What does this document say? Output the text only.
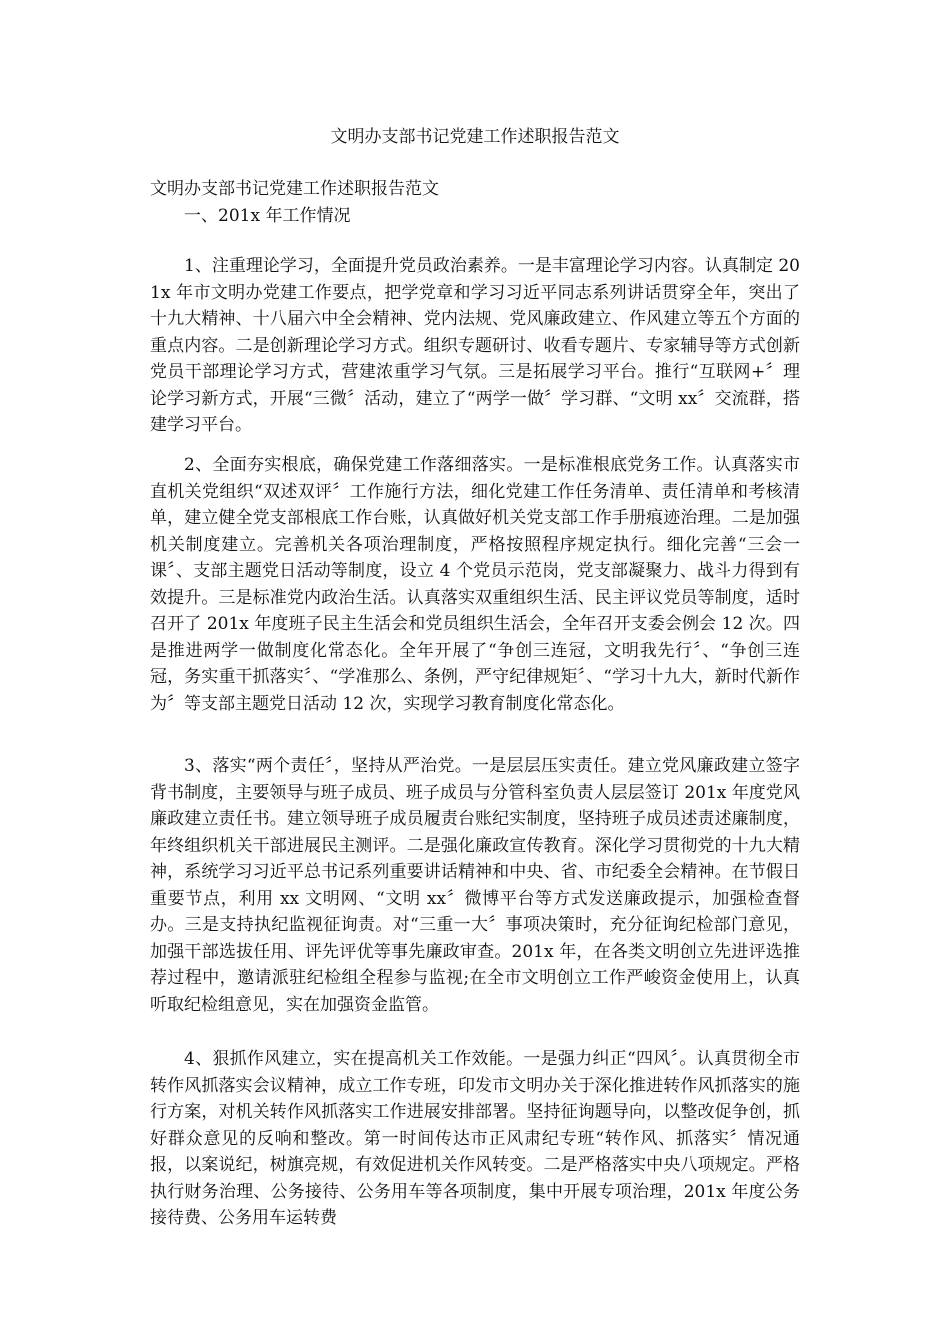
文明办支部书记党建工作述职报告范文

文明办支部书记党建工作述职报告范文

一、201x 年工作情况

1、注重理论学习，全面提升党员政治素养。一是丰富理论学习内容。认真制定 201x 年市文明办党建工作要点，把学党章和学习习近平同志系列讲话贯穿全年，突出了十九大精神、十八届六中全会精神、党内法规、党风廉政建立、作风建立等五个方面的重点内容。二是创新理论学习方式。组织专题研讨、收看专题片、专家辅导等方式创新党员干部理论学习方式，营建浓重学习气氛。三是拓展学习平台。推行“互联网+〞理论学习新方式，开展“三微〞活动，建立了“两学一做〞学习群、“文明 xx〞交流群，搭建学习平台。

2、全面夯实根底，确保党建工作落细落实。一是标准根底党务工作。认真落实市直机关党组织“双述双评〞工作施行方法，细化党建工作任务清单、责任清单和考核清单，建立健全党支部根底工作台账，认真做好机关党支部工作手册痕迹治理。二是加强机关制度建立。完善机关各项治理制度，严格按照程序规定执行。细化完善“三会一课〞、支部主题党日活动等制度，设立 4 个党员示范岗，党支部凝聚力、战斗力得到有效提升。三是标准党内政治生活。认真落实双重组织生活、民主评议党员等制度，适时召开了 201x 年度班子民主生活会和党员组织生活会，全年召开支委会例会 12 次。四是推进两学一做制度化常态化。全年开展了“争创三连冠，文明我先行〞、“争创三连冠，务实重干抓落实〞、“学准那么、条例，严守纪律规矩〞、“学习十九大，新时代新作为〞等支部主题党日活动 12 次，实现学习教育制度化常态化。

3、落实“两个责任〞，坚持从严治党。一是层层压实责任。建立党风廉政建立签字背书制度，主要领导与班子成员、班子成员与分管科室负责人层层签订 201x 年度党风廉政建立责任书。建立领导班子成员履责台账纪实制度，坚持班子成员述责述廉制度，年终组织机关干部进展民主测评。二是强化廉政宣传教育。深化学习贯彻党的十九大精神，系统学习习近平总书记系列重要讲话精神和中央、省、市纪委全会精神。在节假日重要节点，利用 xx 文明网、“文明 xx〞微博平台等方式发送廉政提示，加强检查督办。三是支持执纪监视征询责。对“三重一大〞事项决策时，充分征询纪检部门意见，加强干部选拔任用、评先评优等事先廉政审查。201x 年，在各类文明创立先进评选推荐过程中，邀请派驻纪检组全程参与监视;在全市文明创立工作严峻资金使用上，认真听取纪检组意见，实在加强资金监管。

4、狠抓作风建立，实在提高机关工作效能。一是强力纠正“四风〞。认真贯彻全市转作风抓落实会议精神，成立工作专班，印发市文明办关于深化推进转作风抓落实的施行方案，对机关转作风抓落实工作进展安排部署。坚持征询题导向，以整改促争创，抓好群众意见的反响和整改。第一时间传达市正风肃纪专班“转作风、抓落实〞情况通报，以案说纪，树旗亮规，有效促进机关作风转变。二是严格落实中央八项规定。严格执行财务治理、公务接待、公务用车等各项制度，集中开展专项治理，201x 年度公务接待费、公务用车运转费
